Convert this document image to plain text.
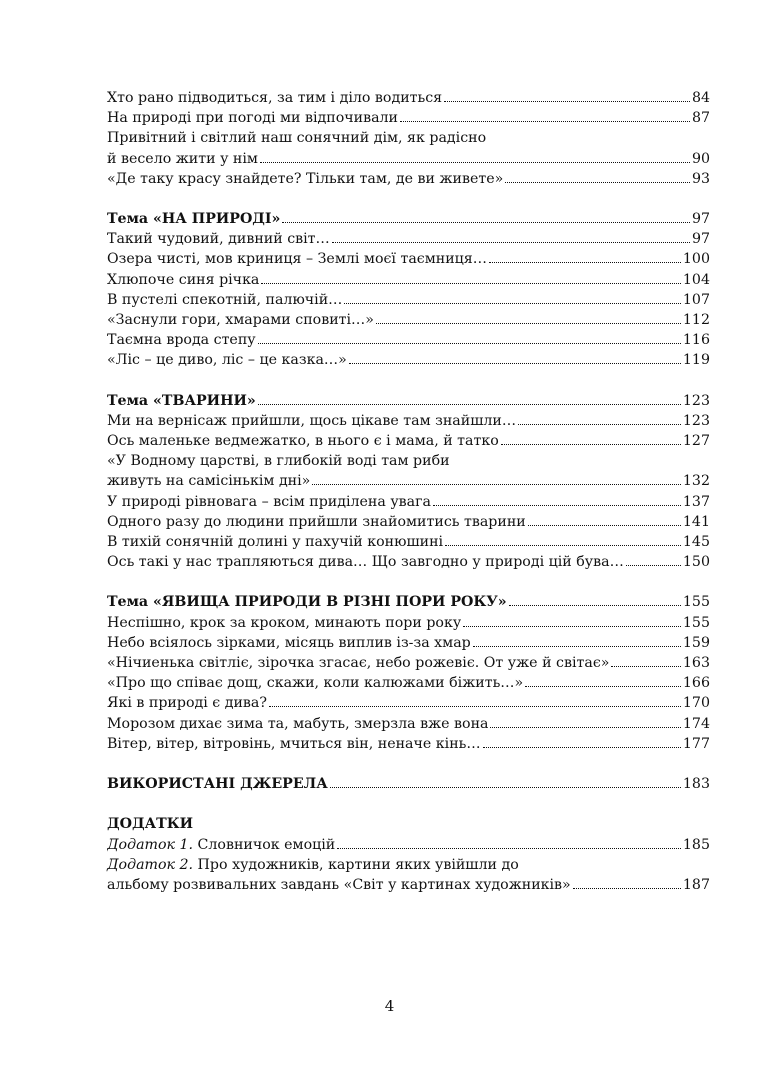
Хто рано підводиться, за тим і діло водиться	84
На природі при погоді ми відпочивали	87
Привітний і світлий наш сонячний дім, як радісно
й весело жити у нім	90
«Де таку красу знайдете? Тільки там, де ви живете»	93
Тема «НА ПРИРОДІ»	97
Такий чудовий, дивний світ…	97
Озера чисті, мов криниця – Землі моєї таємниця…	100
Хлюпоче синя річка	104
В пустелі спекотній, палючій…	107
«Заснули гори, хмарами сповиті…»	112
Таємна врода степу	116
«Ліс – це диво, ліс – це казка…»	119
Тема «ТВАРИНИ»	123
Ми на вернісаж прийшли, щось цікаве там знайшли…	123
Ось маленьке ведмежатко, в нього є і мама, й татко	127
«У Водному царстві, в глибокій воді там риби
живуть на самісінькім дні»	132
У природі рівновага – всім приділена увага	137
Одного разу до людини прийшли знайомитись тварини	141
В тихій сонячній долині у пахучій конюшині	145
Ось такі у нас трапляються дива… Що завгодно у природі цій бува…	150
Тема «ЯВИЩА ПРИРОДИ В РІЗНІ ПОРИ РОКУ»	155
Неспішно, крок за кроком, минають пори року	155
Небо всіялось зірками, місяць виплив із-за хмар	159
«Нічиенька світліє, зірочка згасає, небо рожевіє. От уже й світає»	163
«Про що співає дощ, скажи, коли калюжами біжить…»	166
Які в природі є дива?	170
Морозом дихає зима та, мабуть, змерзла вже вона	174
Вітер, вітер, вітровінь, мчиться він, неначе кінь…	177
ВИКОРИСТАНІ ДЖЕРЕЛА	183
ДОДАТКИ
Додаток 1. Словничок емоцій	185
Додаток 2. Про художників, картини яких увійшли до
альбому розвивальних завдань «Світ у картинах художників»	187
4
